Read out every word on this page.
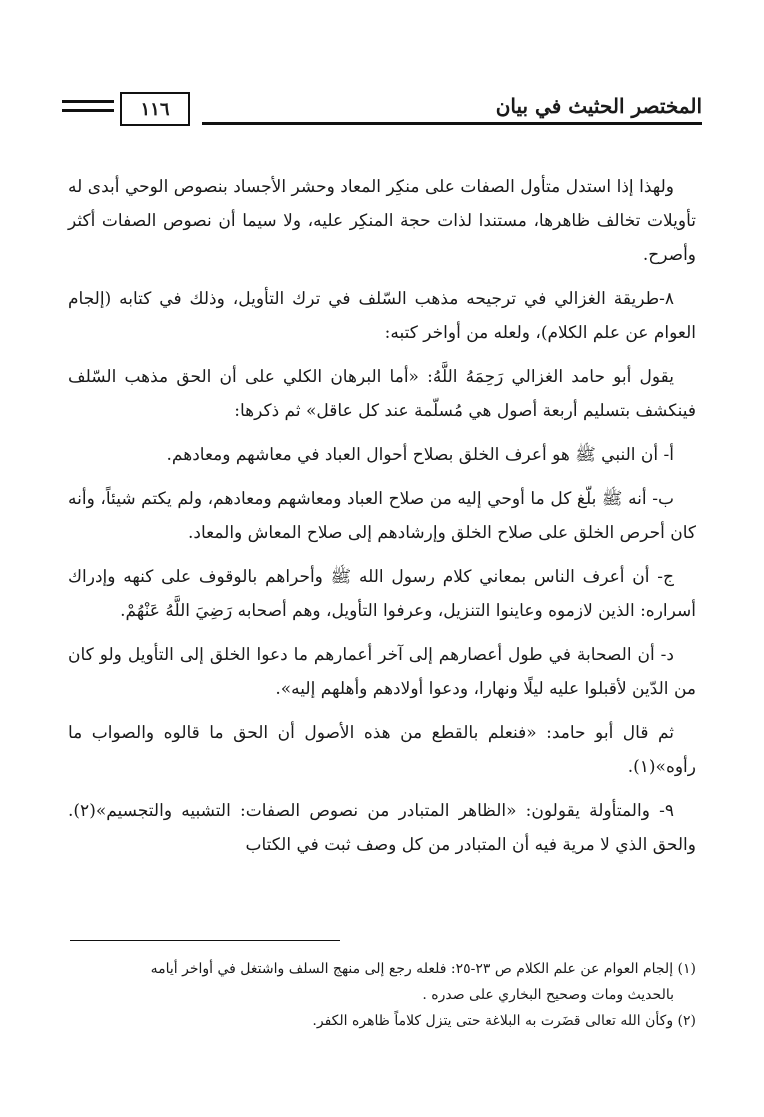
المختصر الحثيث في بيان
١١٦

ولهذا إذا استدل متأول الصفات على منكِر المعاد وحشر الأجساد بنصوص الوحي أبدى له تأويلات تخالف ظاهرها، مستندا لذات حجة المنكِر عليه، ولا سيما أن نصوص الصفات أكثر وأصرح.

٨-طريقة الغزالي في ترجيحه مذهب السّلف في ترك التأويل، وذلك في كتابه (إلجام العوام عن علم الكلام)، ولعله من أواخر كتبه:

يقول أبو حامد الغزالي رَحِمَهُ اللَّهُ: «أما البرهان الكلي على أن الحق مذهب السّلف فينكشف بتسليم أربعة أصول هي مُسلّمة عند كل عاقل» ثم ذكرها:

أ- أن النبي ﷺ هو أعرف الخلق بصلاح أحوال العباد في معاشهم ومعادهم.

ب- أنه ﷺ بلّغ كل ما أوحي إليه من صلاح العباد ومعاشهم ومعادهم، ولم يكتم شيئاً، وأنه كان أحرص الخلق على صلاح الخلق وإرشادهم إلى صلاح المعاش والمعاد.

ج- أن أعرف الناس بمعاني كلام رسول الله ﷺ وأحراهم بالوقوف على كنهه وإدراك أسراره: الذين لازموه وعاينوا التنزيل، وعرفوا التأويل، وهم أصحابه رَضِيَ اللَّهُ عَنْهُمْ.

د- أن الصحابة في طول أعصارهم إلى آخر أعمارهم ما دعوا الخلق إلى التأويل ولو كان من الدّين لأقبلوا عليه ليلًا ونهارا، ودعوا أولادهم وأهلهم إليه».

ثم قال أبو حامد: «فنعلم بالقطع من هذه الأصول أن الحق ما قالوه والصواب ما رأوه»(١).

٩- والمتأولة يقولون: «الظاهر المتبادر من نصوص الصفات: التشبيه والتجسيم»(٢). والحق الذي لا مرية فيه أن المتبادر من كل وصف ثبت في الكتاب

(١) إلجام العوام عن علم الكلام ص ٢٣-٢٥: فلعله رجع إلى منهج السلف واشتغل في أواخر أيامه

بالحديث ومات وصحيح البخاري على صدره .

(٢) وكأن الله تعالى قضَرت به البلاغة حتى يتزل كلاماً ظاهره الكفر.
